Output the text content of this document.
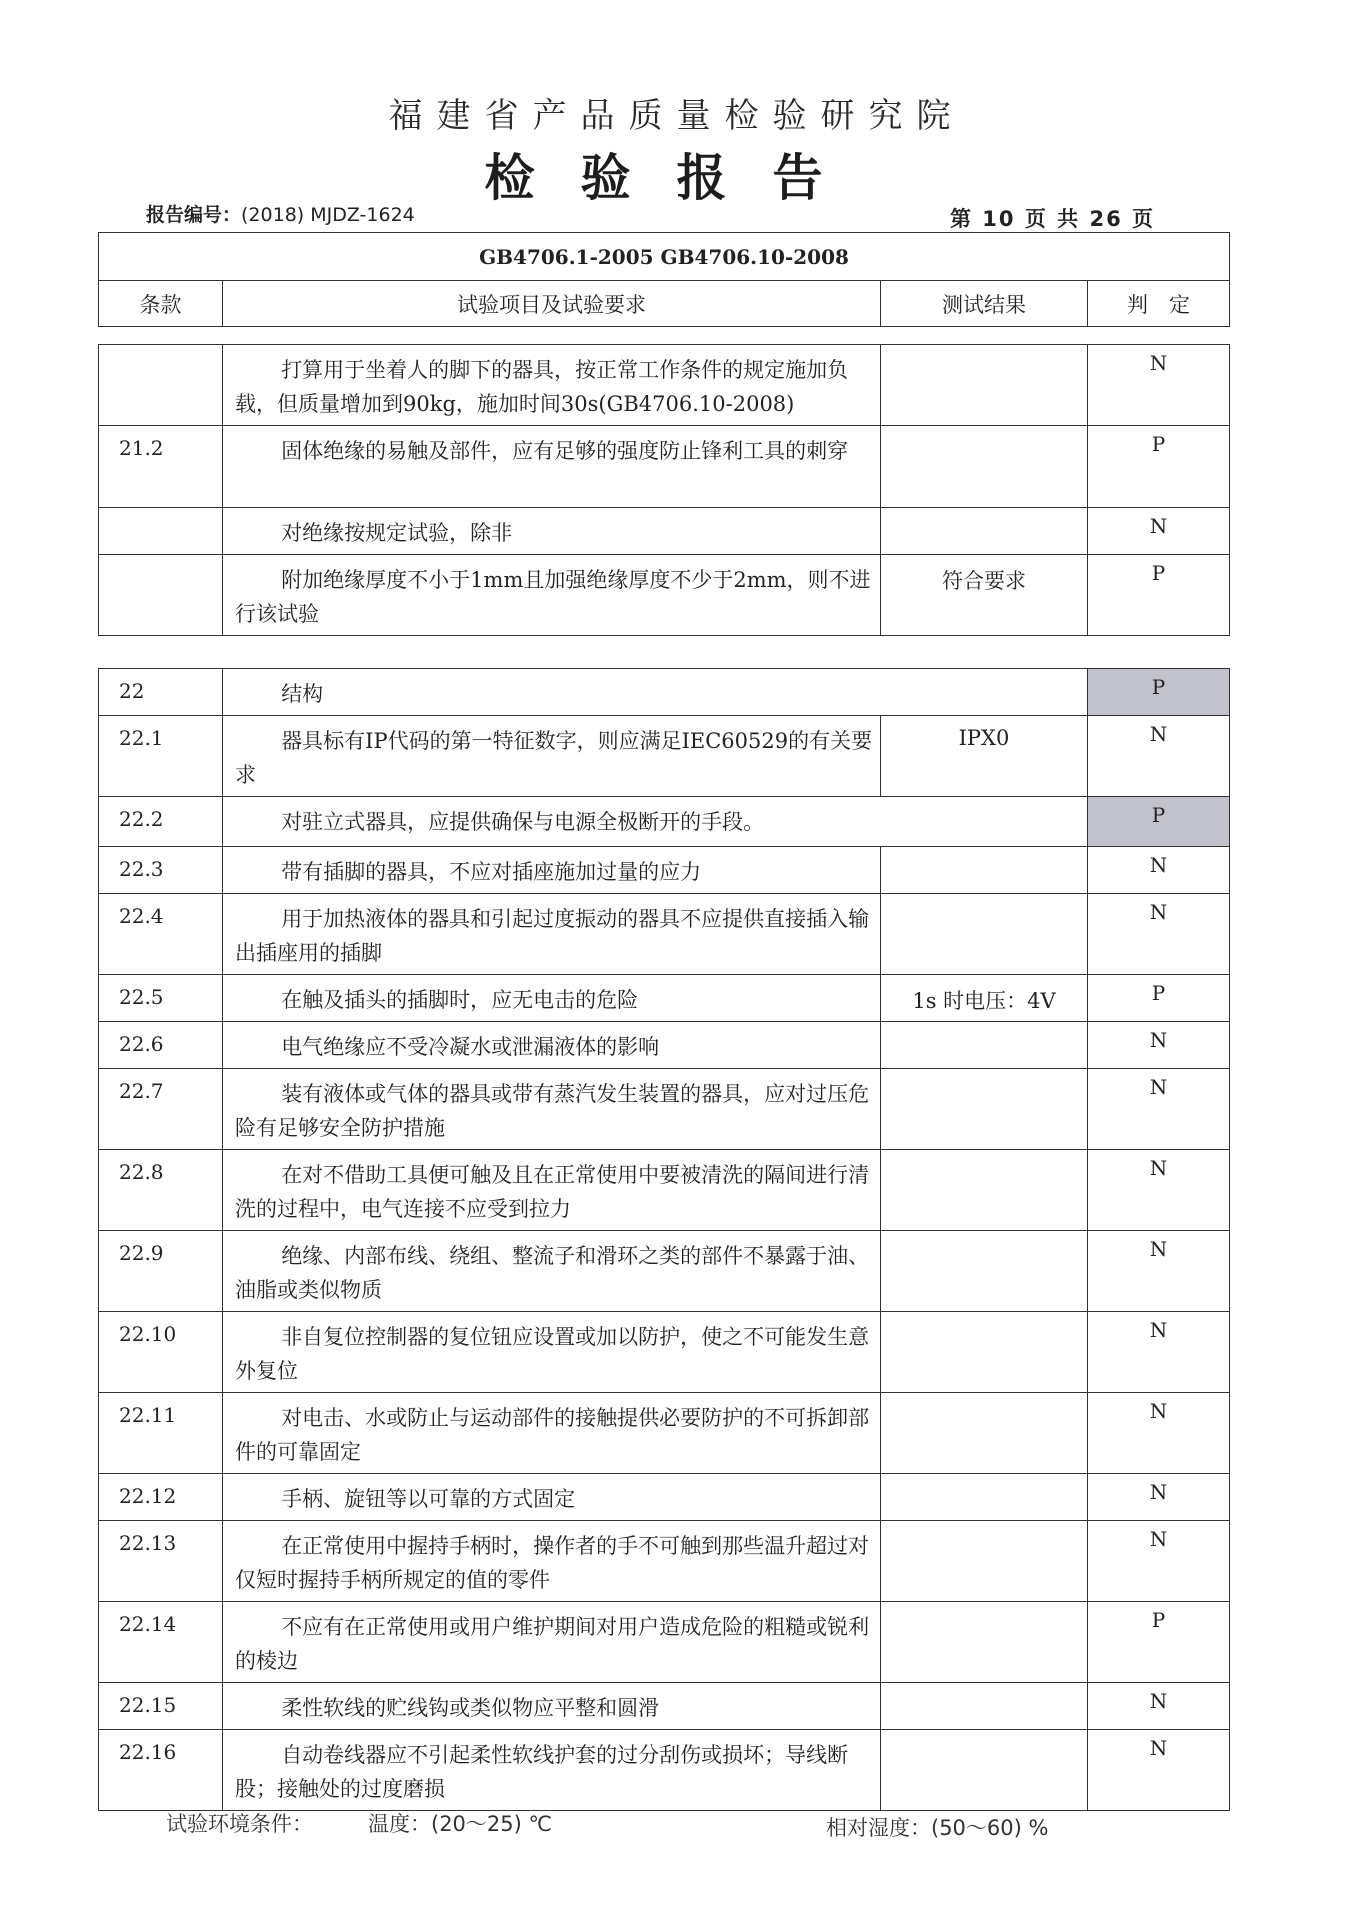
福建省产品质量检验研究院
检验报告
报告编号：(2018) MJDZ-1624	第 10 页 共 26 页
GB4706.1-2005 GB4706.10-2008
条款	试验项目及试验要求	测试结果	判　定
	打算用于坐着人的脚下的器具，按正常工作条件的规定施加负载，但质量增加到90kg，施加时间30s(GB4706.10-2008)		N
21.2	固体绝缘的易触及部件，应有足够的强度防止锋利工具的刺穿		P
	对绝缘按规定试验，除非		N
	附加绝缘厚度不小于1mm且加强绝缘厚度不少于2mm，则不进行该试验	符合要求	P
22	结构		P
22.1	器具标有IP代码的第一特征数字，则应满足IEC60529的有关要求	IPX0	N
22.2	对驻立式器具，应提供确保与电源全极断开的手段。		P
22.3	带有插脚的器具，不应对插座施加过量的应力		N
22.4	用于加热液体的器具和引起过度振动的器具不应提供直接插入输出插座用的插脚		N
22.5	在触及插头的插脚时，应无电击的危险	1s 时电压：4V	P
22.6	电气绝缘应不受冷凝水或泄漏液体的影响		N
22.7	装有液体或气体的器具或带有蒸汽发生装置的器具，应对过压危险有足够安全防护措施		N
22.8	在对不借助工具便可触及且在正常使用中要被清洗的隔间进行清洗的过程中，电气连接不应受到拉力		N
22.9	绝缘、内部布线、绕组、整流子和滑环之类的部件不暴露于油、油脂或类似物质		N
22.10	非自复位控制器的复位钮应设置或加以防护，使之不可能发生意外复位		N
22.11	对电击、水或防止与运动部件的接触提供必要防护的不可拆卸部件的可靠固定		N
22.12	手柄、旋钮等以可靠的方式固定		N
22.13	在正常使用中握持手柄时，操作者的手不可触到那些温升超过对仅短时握持手柄所规定的值的零件		N
22.14	不应有在正常使用或用户维护期间对用户造成危险的粗糙或锐利的棱边		P
22.15	柔性软线的贮线钩或类似物应平整和圆滑		N
22.16	自动卷线器应不引起柔性软线护套的过分刮伤或损坏；导线断股；接触处的过度磨损		N
试验环境条件：	温度：(20～25) ℃	相对湿度：(50～60) %
